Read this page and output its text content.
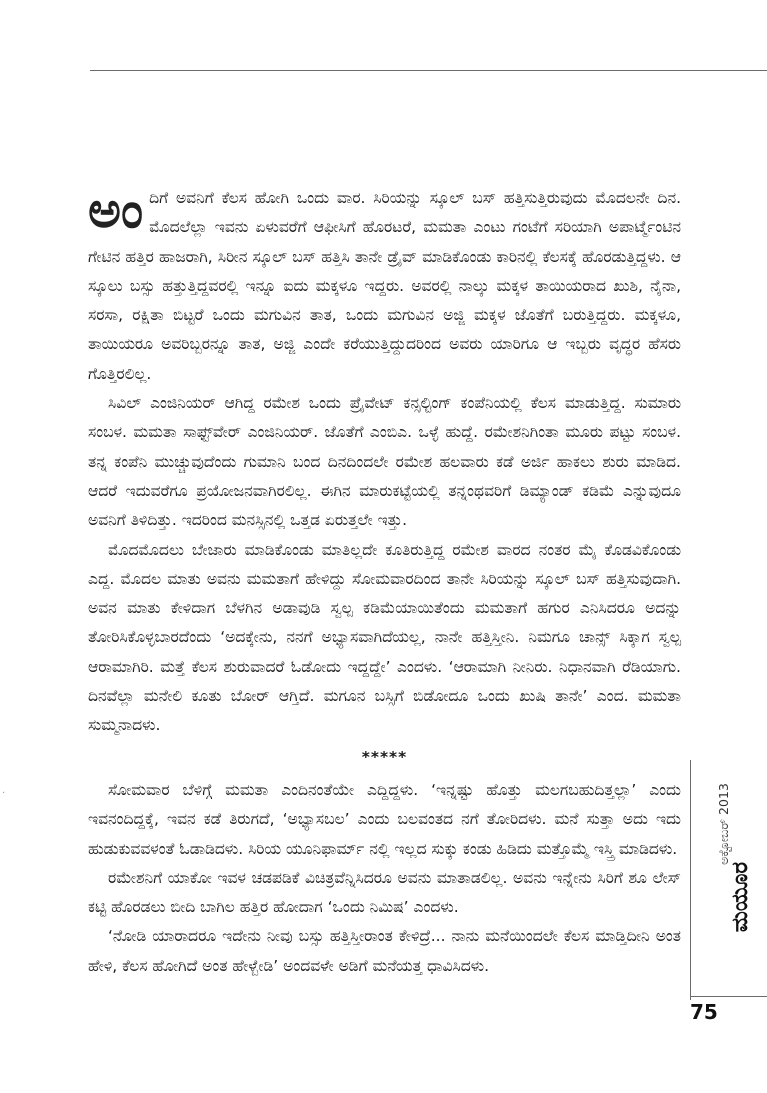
ಅಂದಿಗೆ ಅವನಿಗೆ ಕೆಲಸ ಹೋಗಿ ಒಂದು ವಾರ. ಸಿರಿಯನ್ನು ಸ್ಕೂಲ್ ಬಸ್ ಹತ್ತಿಸುತ್ತಿರುವುದು ಮೊದಲನೇ ದಿನ. ಮೊದಲೆಲ್ಲಾ ಇವನು ಏಳುವರೆಗೆ ಆಫೀಸಿಗೆ ಹೊರಟರೆ, ಮಮತಾ ಎಂಟು ಗಂಟೆಗೆ ಸರಿಯಾಗಿ ಅಪಾರ್ಟ್ಮೆಂಟಿನ ಗೇಟಿನ ಹತ್ತಿರ ಹಾಜರಾಗಿ, ಸಿರೀನ ಸ್ಕೂಲ್ ಬಸ್ ಹತ್ತಿಸಿ ತಾನೇ ಡ್ರೈವ್ ಮಾಡಿಕೊಂಡು ಕಾರಿನಲ್ಲಿ ಕೆಲಸಕ್ಕೆ ಹೊರಡುತ್ತಿದ್ದಳು. ಆ ಸ್ಕೂಲು ಬಸ್ಸು ಹತ್ತುತ್ತಿದ್ದವರಲ್ಲಿ ಇನ್ನೂ ಐದು ಮಕ್ಕಳೂ ಇದ್ದರು. ಅವರಲ್ಲಿ ನಾಲ್ಕು ಮಕ್ಕಳ ತಾಯಿಯರಾದ ಖುಶಿ, ನೈನಾ, ಸರಸಾ, ರಕ್ಷಿತಾ ಬಿಟ್ಟರೆ ಒಂದು ಮಗುವಿನ ತಾತ, ಒಂದು ಮಗುವಿನ ಅಜ್ಜಿ ಮಕ್ಕಳ ಜೊತೆಗೆ ಬರುತ್ತಿದ್ದರು. ಮಕ್ಕಳೂ, ತಾಯಿಯರೂ ಅವರಿಬ್ಬರನ್ನೂ ತಾತ, ಅಜ್ಜಿ ಎಂದೇ ಕರೆಯುತ್ತಿದ್ದುದರಿಂದ ಅವರು ಯಾರಿಗೂ ಆ ಇಬ್ಬರು ವೃದ್ಧರ ಹೆಸರು ಗೊತ್ತಿರಲಿಲ್ಲ.

ಸಿವಿಲ್ ಎಂಜಿನಿಯರ್ ಆಗಿದ್ದ ರಮೇಶ ಒಂದು ಪ್ರೈವೇಟ್ ಕನ್ಸಲ್ಟಿಂಗ್ ಕಂಪೆನಿಯಲ್ಲಿ ಕೆಲಸ ಮಾಡುತ್ತಿದ್ದ. ಸುಮಾರು ಸಂಬಳ. ಮಮತಾ ಸಾಫ್ಟ್‌ವೇರ್ ಎಂಜಿನಿಯರ್. ಜೊತೆಗೆ ಎಂಬಿಎ. ಒಳ್ಳೆ ಹುದ್ದೆ. ರಮೇಶನಿಗಿಂತಾ ಮೂರು ಪಟ್ಟು ಸಂಬಳ. ತನ್ನ ಕಂಪೆನಿ ಮುಚ್ಚುವುದೆಂದು ಗುಮಾನಿ ಬಂದ ದಿನದಿಂದಲೇ ರಮೇಶ ಹಲವಾರು ಕಡೆ ಅರ್ಜಿ ಹಾಕಲು ಶುರು ಮಾಡಿದ. ಆದರೆ ಇದುವರೆಗೂ ಪ್ರಯೋಜನವಾಗಿರಲಿಲ್ಲ. ಈಗಿನ ಮಾರುಕಟ್ಟೆಯಲ್ಲಿ ತನ್ನಂಥವರಿಗೆ ಡಿಮ್ಯಾಂಡ್ ಕಡಿಮೆ ಎನ್ನುವುದೂ ಅವನಿಗೆ ತಿಳಿದಿತ್ತು. ಇದರಿಂದ ಮನಸ್ಸಿನಲ್ಲಿ ಒತ್ತಡ ಏರುತ್ತಲೇ ಇತ್ತು.

ಮೊದಮೊದಲು ಬೇಜಾರು ಮಾಡಿಕೊಂಡು ಮಾತಿಲ್ಲದೇ ಕೂತಿರುತ್ತಿದ್ದ ರಮೇಶ ವಾರದ ನಂತರ ಮೈ ಕೊಡವಿಕೊಂಡು ಎದ್ದ. ಮೊದಲ ಮಾತು ಅವನು ಮಮತಾಗೆ ಹೇಳಿದ್ದು ಸೋಮವಾರದಿಂದ ತಾನೇ ಸಿರಿಯನ್ನು ಸ್ಕೂಲ್ ಬಸ್ ಹತ್ತಿಸುವುದಾಗಿ. ಅವನ ಮಾತು ಕೇಳಿದಾಗ ಬೆಳಗಿನ ಅಡಾವುಡಿ ಸ್ವಲ್ಪ ಕಡಿಮೆಯಾಯಿತೆಂದು ಮಮತಾಗೆ ಹಗುರ ಎನಿಸಿದರೂ ಅದನ್ನು ತೋರಿಸಿಕೊಳ್ಳಬಾರದೆಂದು ‘ಅದಕ್ಕೇನು, ನನಗೆ ಅಭ್ಯಾಸವಾಗಿದೆಯಲ್ಲ, ನಾನೇ ಹತ್ತಿಸ್ತೀನಿ. ನಿಮಗೂ ಚಾನ್ಸ್ ಸಿಕ್ಕಾಗ ಸ್ವಲ್ಪ ಆರಾಮಾಗಿರಿ. ಮತ್ತೆ ಕೆಲಸ ಶುರುವಾದರೆ ಓಡೋದು ಇದ್ದದ್ದೇ’ ಎಂದಳು. ‘ಆರಾಮಾಗಿ ನೀನಿರು. ನಿಧಾನವಾಗಿ ರೆಡಿಯಾಗು. ದಿನವೆಲ್ಲಾ ಮನೇಲಿ ಕೂತು ಬೋರ್ ಆಗ್ತಿದೆ. ಮಗೂನ ಬಸ್ಸಿಗೆ ಬಿಡೋದೂ ಒಂದು ಖುಷಿ ತಾನೇ’ ಎಂದ. ಮಮತಾ ಸುಮ್ಮನಾದಳು.

*****

ಸೋಮವಾರ ಬೆಳಿಗ್ಗೆ ಮಮತಾ ಎಂದಿನಂತೆಯೇ ಎದ್ದಿದ್ದಳು. ‘ಇನ್ನಷ್ಟು ಹೊತ್ತು ಮಲಗಬಹುದಿತ್ತಲ್ಲಾ’ ಎಂದು ಇವನಂದಿದ್ದಕ್ಕೆ, ಇವನ ಕಡೆ ತಿರುಗದೆ, ‘ಅಭ್ಯಾಸಬಲ’ ಎಂದು ಬಲವಂತದ ನಗೆ ತೋರಿದಳು. ಮನೆ ಸುತ್ತಾ ಅದು ಇದು ಹುಡುಕುವವಳಂತೆ ಓಡಾಡಿದಳು. ಸಿರಿಯ ಯೂನಿಫಾರ್ಮ್ ನಲ್ಲಿ ಇಲ್ಲದ ಸುಕ್ಕು ಕಂಡು ಹಿಡಿದು ಮತ್ತೊಮ್ಮೆ ಇಸ್ತ್ರಿ ಮಾಡಿದಳು.

ರಮೇಶನಿಗೆ ಯಾಕೋ ಇವಳ ಚಡಪಡಿಕೆ ವಿಚಿತ್ರವೆನ್ನಿಸಿದರೂ ಅವನು ಮಾತಾಡಲಿಲ್ಲ. ಅವನು ಇನ್ನೇನು ಸಿರಿಗೆ ಶೂ ಲೇಸ್ ಕಟ್ಟಿ ಹೊರಡಲು ಬೀದಿ ಬಾಗಿಲ ಹತ್ತಿರ ಹೋದಾಗ ‘ಒಂದು ನಿಮಿಷ’ ಎಂದಳು.

‘ನೋಡಿ ಯಾರಾದರೂ ಇದೇನು ನೀವು ಬಸ್ಸು ಹತ್ತಿಸ್ತೀರಾಂತ ಕೇಳಿದ್ರೆ... ನಾನು ಮನೆಯಿಂದಲೇ ಕೆಲಸ ಮಾಡ್ತಿದೀನಿ ಅಂತ ಹೇಳಿ, ಕೆಲಸ ಹೋಗಿದೆ ಅಂತ ಹೇಳ್ಬೇಡಿ’ ಅಂದವಳೇ ಅಡಿಗೆ ಮನೆಯತ್ತ ಧಾವಿಸಿದಳು.

ಅಕ್ಟೋಬರ್ 2013
ಮಯೂರ
75
·
